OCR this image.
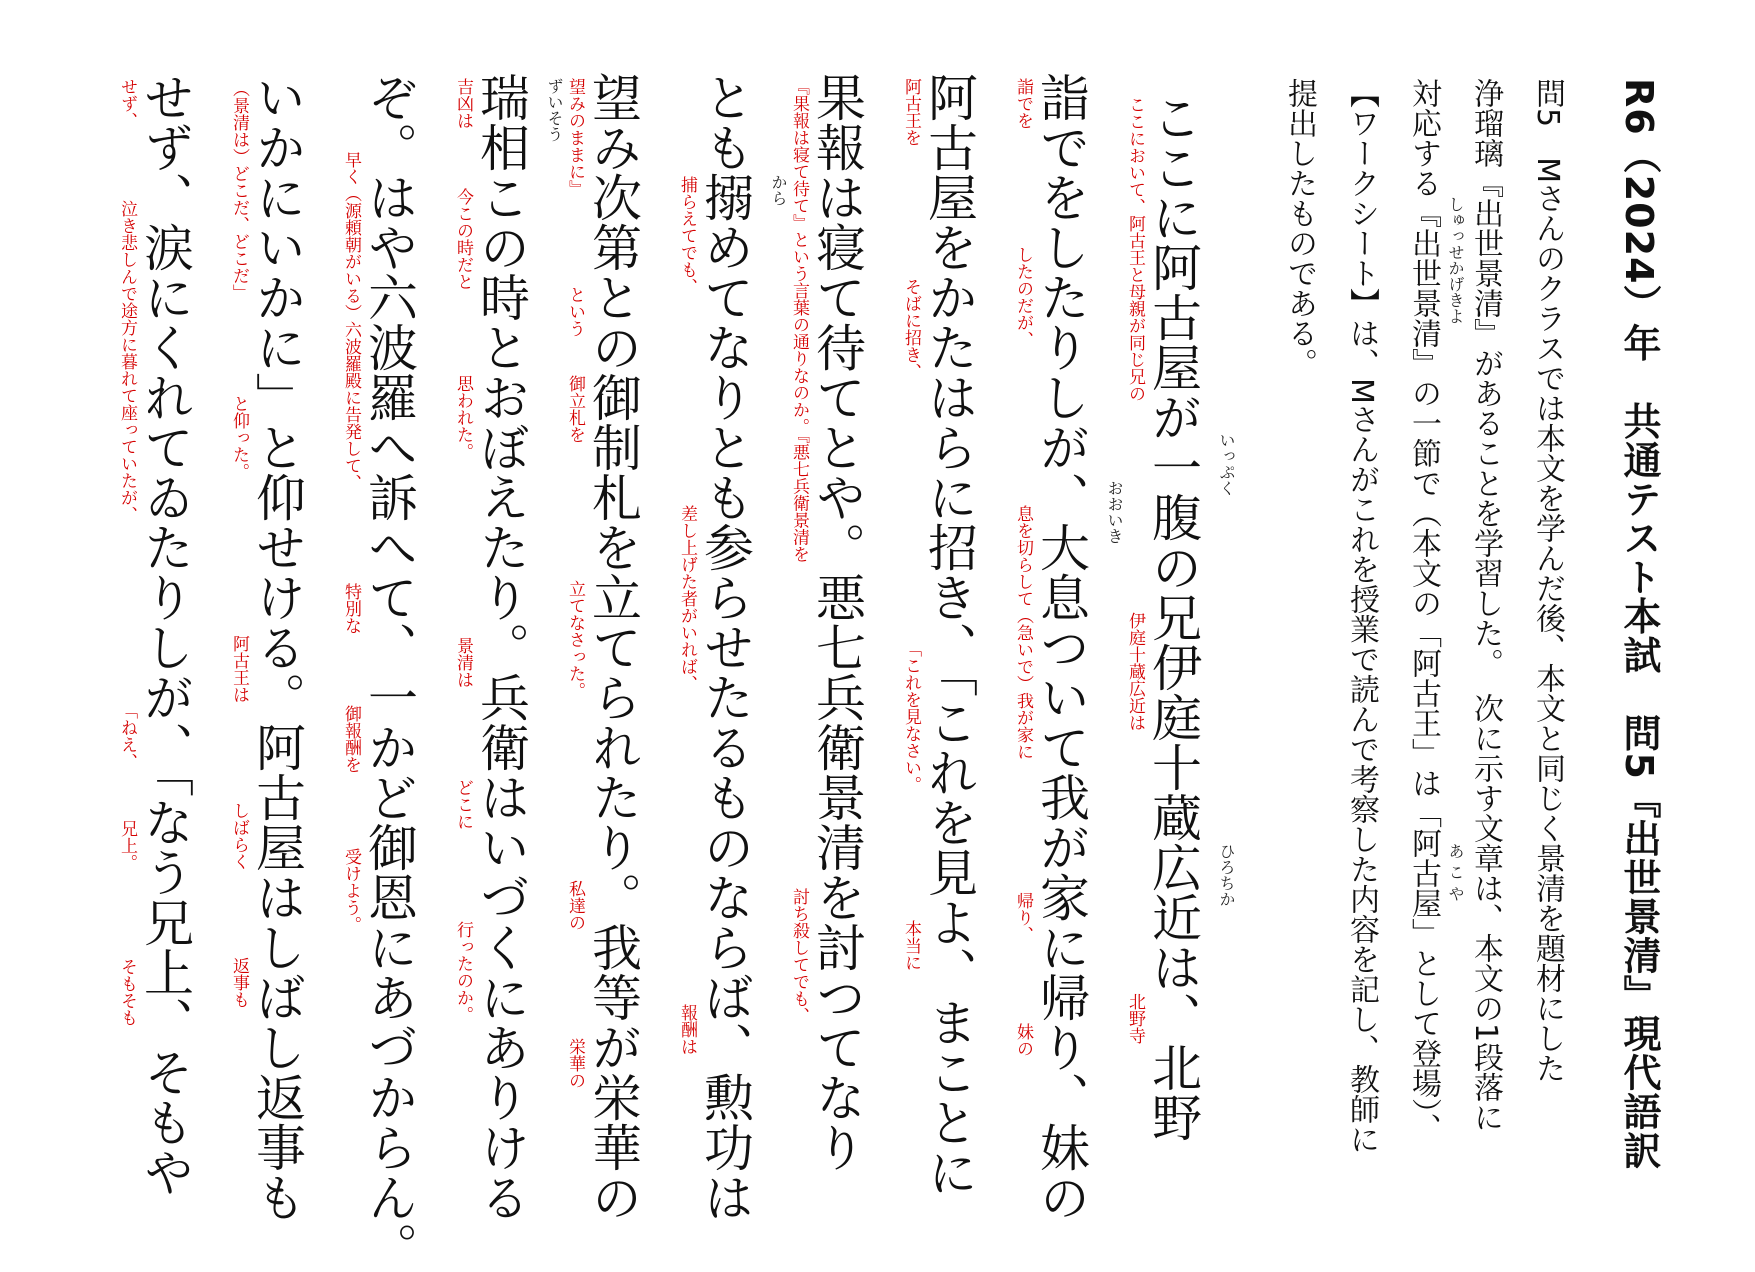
R6（2024）年　共通テスト本試　問5『出世景清』現代語訳
問5　Mさんのクラスでは本文を学んだ後、本文と同じく景清を題材にした
浄瑠璃『出世景清』があることを学習した。　次に示す文章は、本文の1段落に
対応する『出世景清』の一節で（本文の「阿古王」は「阿古屋」として登場）、
【ワークシート】は、Mさんがこれを授業で読んで考察した内容を記し、教師に
提出したものである。	しゅっせかげきよ
あ こ や
ここに阿古屋が一腹の兄伊庭十蔵広近は、北野
詣でをしたりしが、大息ついて我が家に帰り、妹の
阿古屋をかたはらに招き、「これを見よ、まことに
果報は寝て待てとや。悪七兵衛景清を討つてなり
とも搦めてなりとも参らせたるものならば、勲功は
望み次第との御制札を立てられたり。我等が栄華の
瑞相この時とおぼえたり。兵衛はいづくにありける
ぞ。はや六波羅へ訴へて、一かど御恩にあづからん。
いかにいかに」と仰せける。阿古屋はしばし返事も
せず、涙にくれてゐたりしが、「なう兄上、そもや	いっぷく
ひろちか
おおいき
から
ずいそう	ここにおいて、阿古王と母親が同じ兄の
伊庭十蔵広近は
北野寺
詣でを
したのだが、
息を切らして（急いで）我が家に
帰り、
妹の
阿古王を
そばに招き、
「これを見なさい。
本当に
『果報は寝て待て』という言葉の通りなのか。『悪七兵衛景清を
討ち殺してでも、
捕らえてでも、
差し上げた者がいれば、
報酬は
望みのままに』
という
御立札を
立てなさった。
私達の
栄華の
吉凶は
今この時だと
思われた。
景清は
どこに
行ったのか。
早く（源頼朝がいる）六波羅殿に告発して、
特別な
御報酬を
受けよう。
（景清は）どこだ、どこだ」
と仰った。
阿古王は
しばらく
返事も
せず、
泣き悲しんで途方に暮れて座っていたが、
「ねえ、
兄上。
そもそも
